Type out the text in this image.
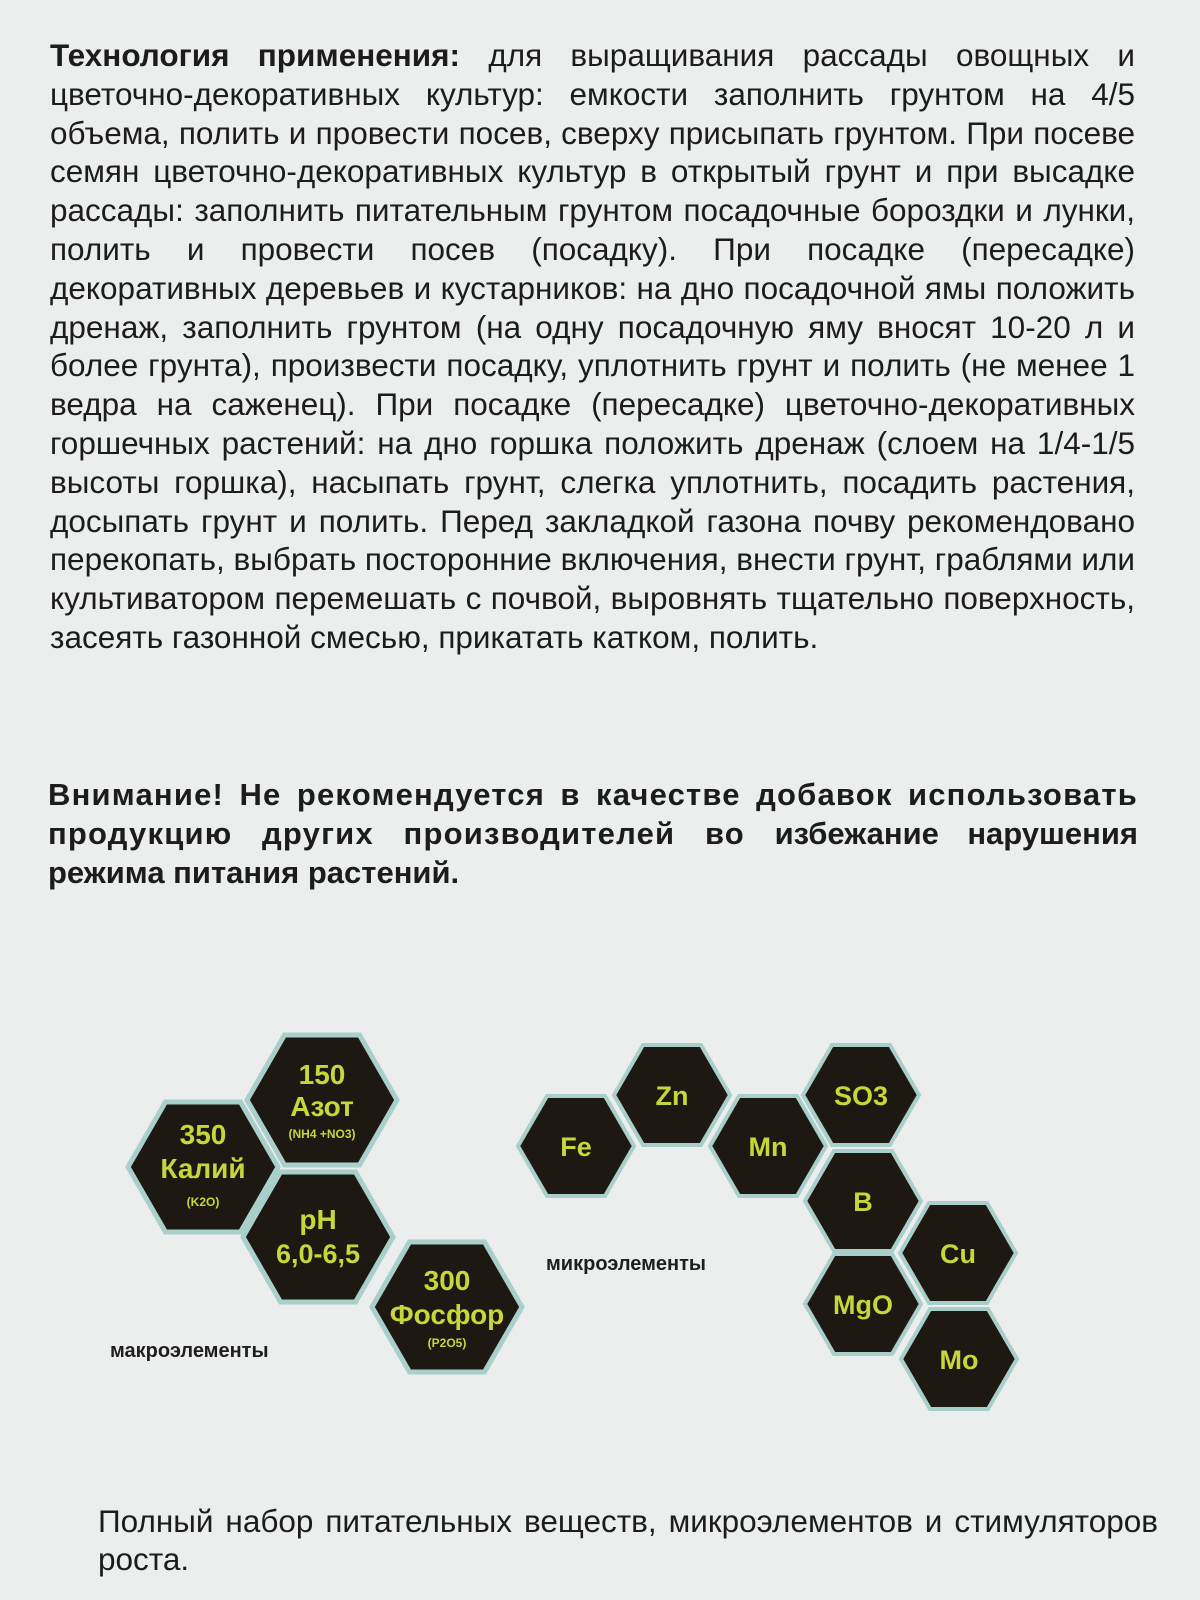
Технология применения: для выращивания рассады овощных и цветочно-декоративных культур: емкости заполнить грунтом на 4/5 объема, полить и провести посев, сверху присыпать грунтом. При посеве семян цветочно-декоративных культур в открытый грунт и при высадке рассады: заполнить питательным грунтом посадочные бороздки и лунки, полить и провести посев (посадку). При посадке (пересадке) декоративных деревьев и кустарников: на дно посадочной ямы положить дренаж, заполнить грунтом (на одну посадочную яму вносят 10-20 л и более грунта), произвести посадку, уплотнить грунт и полить (не менее 1 ведра на саженец). При посадке (пересадке) цветочно-декоративных горшечных растений: на дно горшка положить дренаж (слоем на 1/4-1/5 высоты горшка), насыпать грунт, слегка уплотнить, посадить растения, досыпать грунт и полить. Перед закладкой газона почву рекомендовано перекопать, выбрать посторонние включения, внести грунт, граблями или культиватором перемешать с почвой, выровнять тщательно поверхность, засеять газонной смесью, прикатать катком, полить.

Внимание! Не рекомендуется в качестве добавок использовать продукцию других производителей во избежание нарушения режима питания растений.

150
Азот
(NH4 +NO3)
350
Калий
(K2O)
pH
6,0-6,5
300
Фосфор
(P2O5)
Fe
Zn
Mn
SO3
B
Cu
MgO
Mo
макроэлементы
микроэлементы

Полный набор питательных веществ, микроэлементов и стимуляторов роста.
